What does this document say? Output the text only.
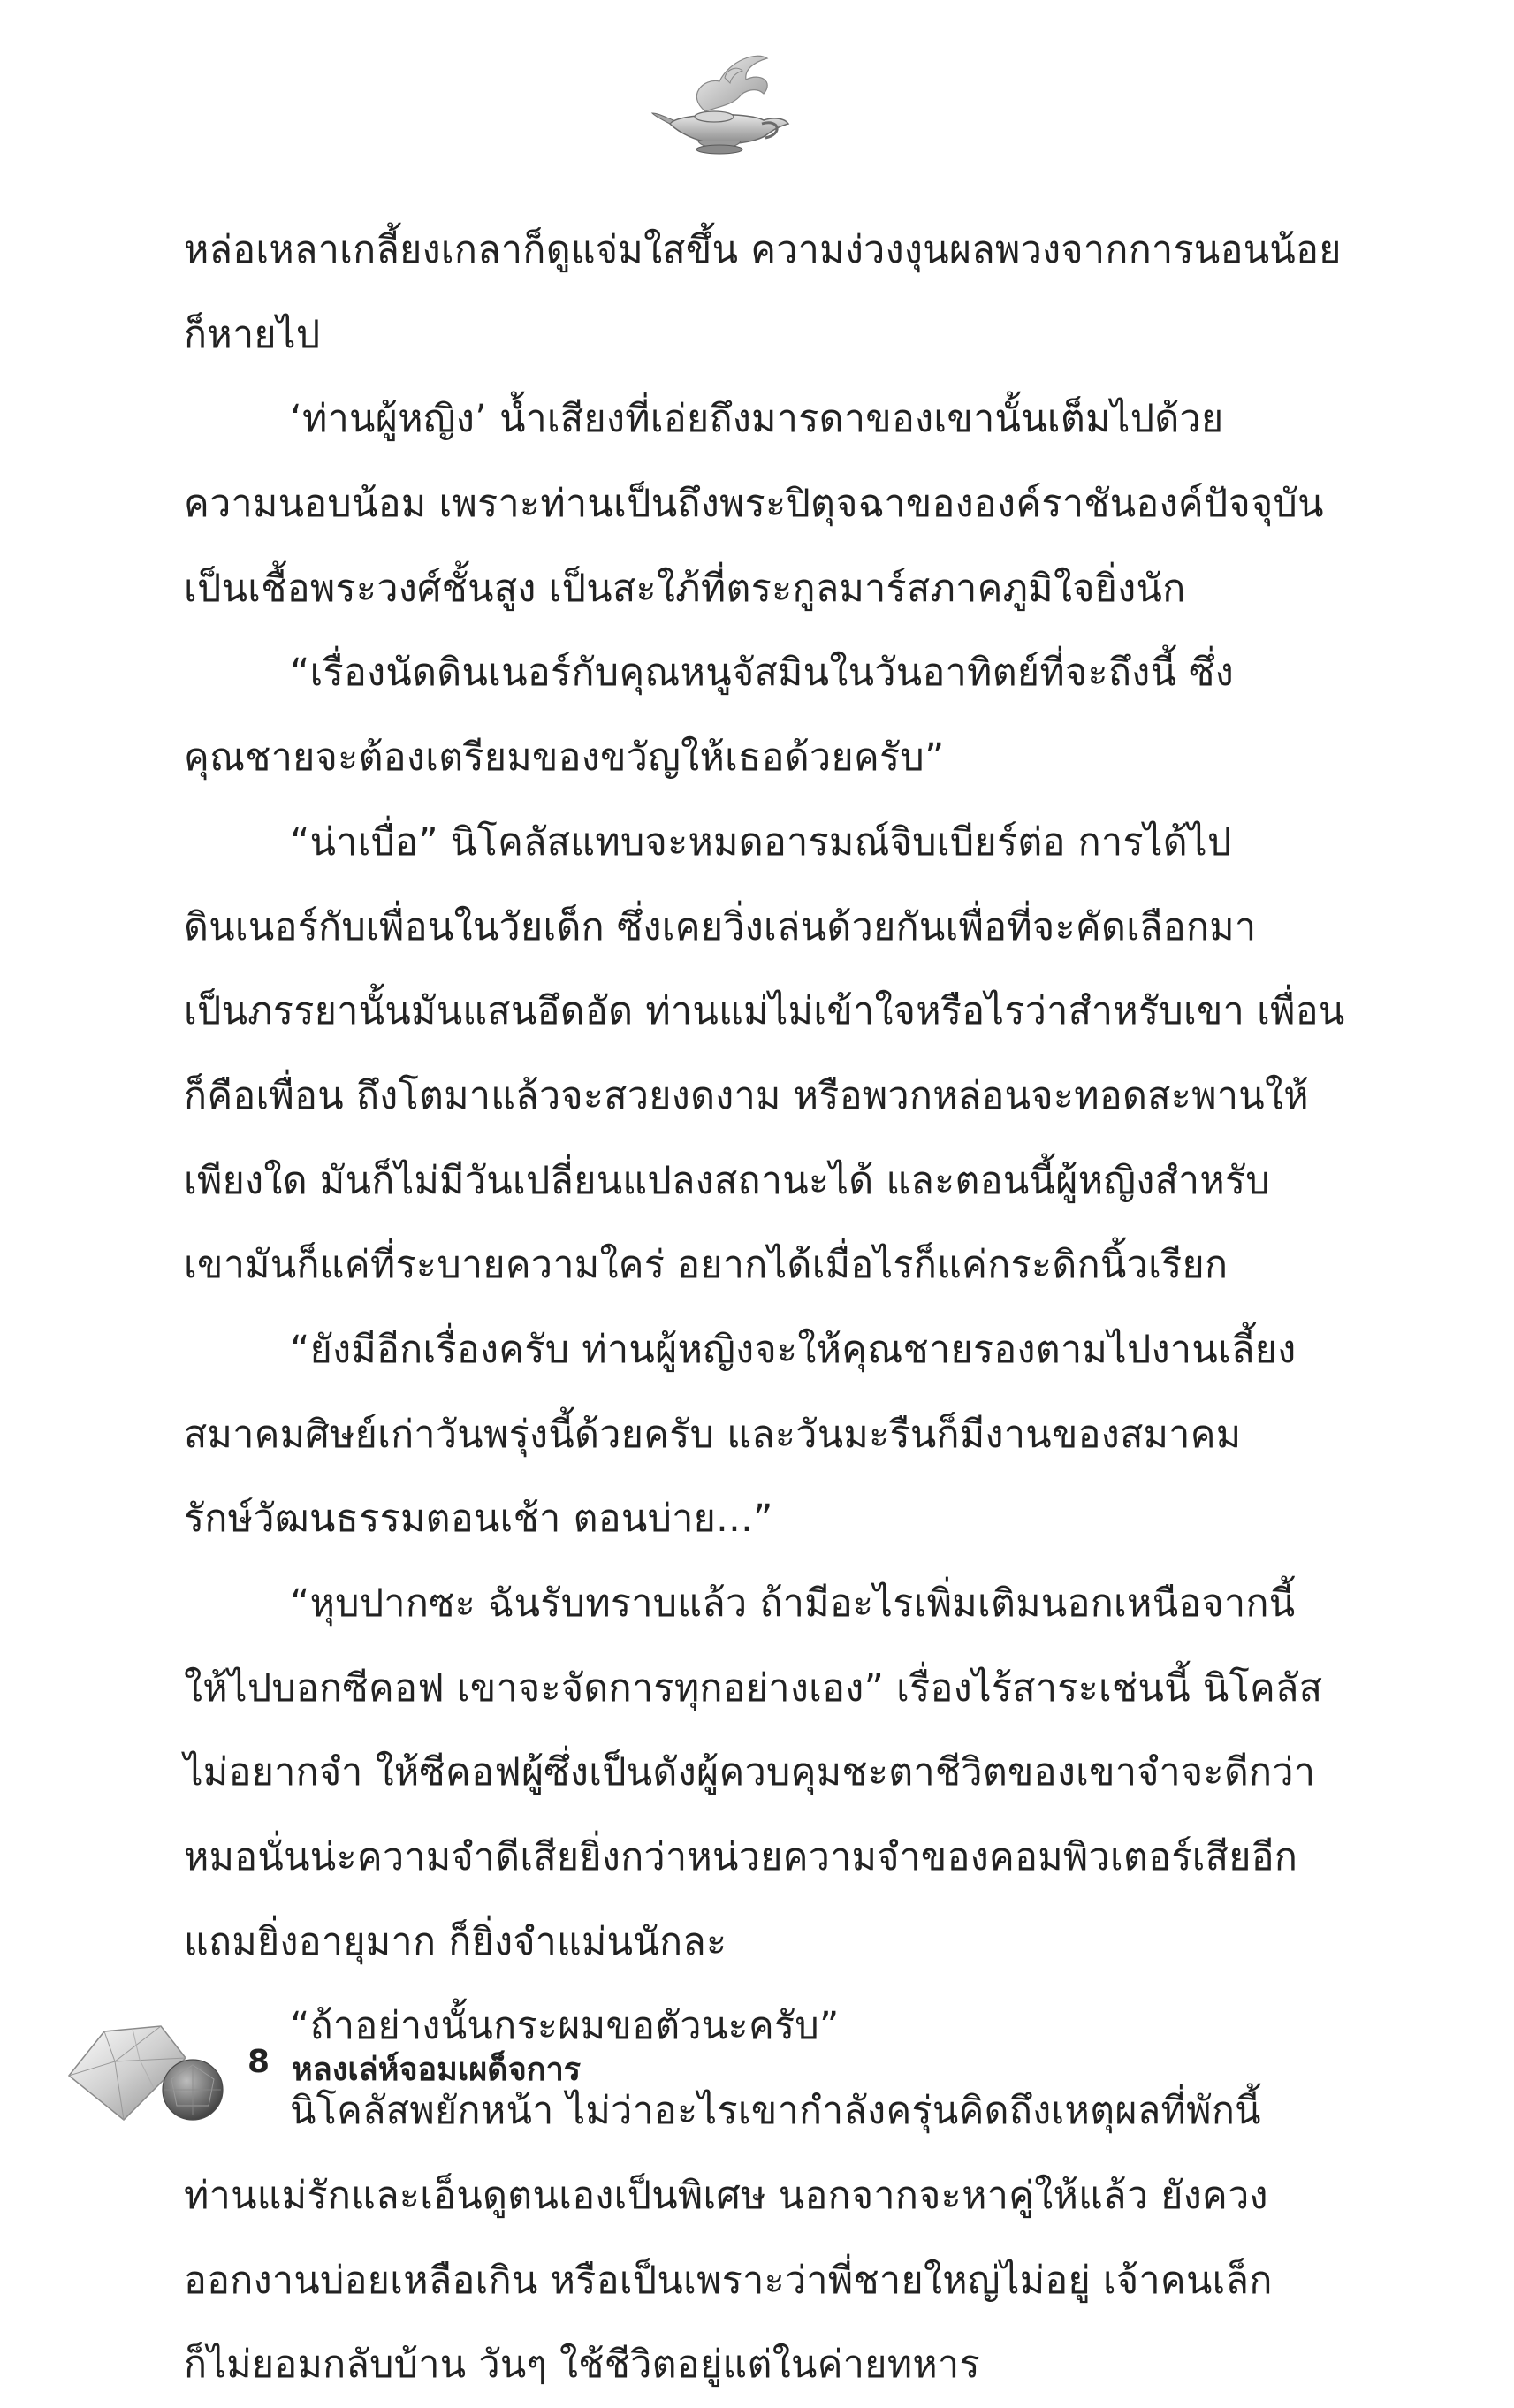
หล่อเหลาเกลี้ยงเกลาก็ดูแจ่มใสขึ้น ความง่วงงุนผลพวงจากการนอนน้อย
ก็หายไป
‘ท่านผู้หญิง’ น้ำเสียงที่เอ่ยถึงมารดาของเขานั้นเต็มไปด้วย
ความนอบน้อม เพราะท่านเป็นถึงพระปิตุจฉาขององค์ราชันองค์ปัจจุบัน
เป็นเชื้อพระวงศ์ชั้นสูง เป็นสะใภ้ที่ตระกูลมาร์สภาคภูมิใจยิ่งนัก
“เรื่องนัดดินเนอร์กับคุณหนูจัสมินในวันอาทิตย์ที่จะถึงนี้ ซึ่ง
คุณชายจะต้องเตรียมของขวัญให้เธอด้วยครับ”
“น่าเบื่อ” นิโคลัสแทบจะหมดอารมณ์จิบเบียร์ต่อ การได้ไป
ดินเนอร์กับเพื่อนในวัยเด็ก ซึ่งเคยวิ่งเล่นด้วยกันเพื่อที่จะคัดเลือกมา
เป็นภรรยานั้นมันแสนอึดอัด ท่านแม่ไม่เข้าใจหรือไรว่าสำหรับเขา เพื่อน
ก็คือเพื่อน ถึงโตมาแล้วจะสวยงดงาม หรือพวกหล่อนจะทอดสะพานให้
เพียงใด มันก็ไม่มีวันเปลี่ยนแปลงสถานะได้ และตอนนี้ผู้หญิงสำหรับ
เขามันก็แค่ที่ระบายความใคร่ อยากได้เมื่อไรก็แค่กระดิกนิ้วเรียก
“ยังมีอีกเรื่องครับ ท่านผู้หญิงจะให้คุณชายรองตามไปงานเลี้ยง
สมาคมศิษย์เก่าวันพรุ่งนี้ด้วยครับ และวันมะรืนก็มีงานของสมาคม
รักษ์วัฒนธรรมตอนเช้า ตอนบ่าย...”
“หุบปากซะ ฉันรับทราบแล้ว ถ้ามีอะไรเพิ่มเติมนอกเหนือจากนี้
ให้ไปบอกซีคอฟ เขาจะจัดการทุกอย่างเอง” เรื่องไร้สาระเช่นนี้ นิโคลัส
ไม่อยากจำ ให้ซีคอฟผู้ซึ่งเป็นดังผู้ควบคุมชะตาชีวิตของเขาจำจะดีกว่า
หมอนั่นน่ะความจำดีเสียยิ่งกว่าหน่วยความจำของคอมพิวเตอร์เสียอีก
แถมยิ่งอายุมาก ก็ยิ่งจำแม่นนักละ
“ถ้าอย่างนั้นกระผมขอตัวนะครับ”
นิโคลัสพยักหน้า ไม่ว่าอะไรเขากำลังครุ่นคิดถึงเหตุผลที่พักนี้
ท่านแม่รักและเอ็นดูตนเองเป็นพิเศษ นอกจากจะหาคู่ให้แล้ว ยังควง
ออกงานบ่อยเหลือเกิน หรือเป็นเพราะว่าพี่ชายใหญ่ไม่อยู่ เจ้าคนเล็ก
ก็ไม่ยอมกลับบ้าน วันๆ ใช้ชีวิตอยู่แต่ในค่ายทหาร
8 หลงเล่ห์จอมเผด็จการ
